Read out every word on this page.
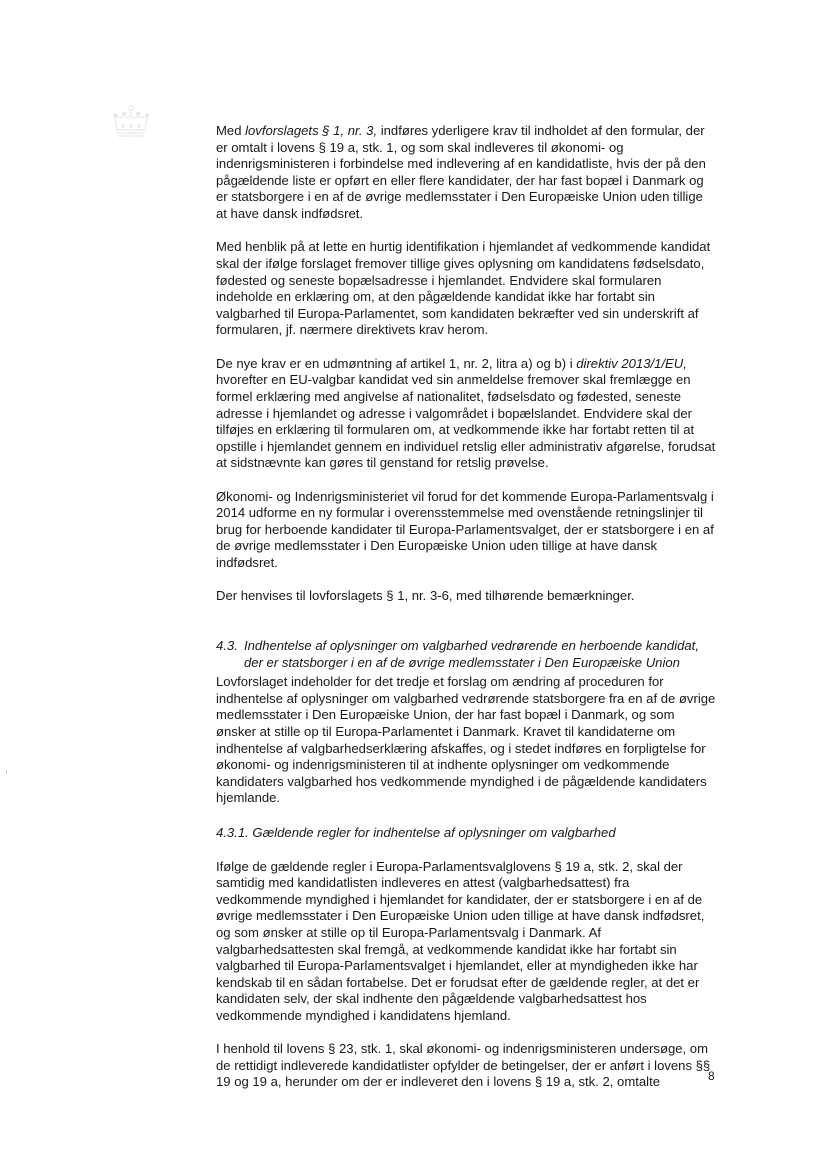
Med lovforslagets § 1, nr. 3, indføres yderligere krav til indholdet af den formular, der
er omtalt i lovens § 19 a, stk. 1, og som skal indleveres til økonomi- og
indenrigsministeren i forbindelse med indlevering af en kandidatliste, hvis der på den
pågældende liste er opført en eller flere kandidater, der har fast bopæl i Danmark og
er statsborgere i en af de øvrige medlemsstater i Den Europæiske Union uden tillige
at have dansk indfødsret.

Med henblik på at lette en hurtig identifikation i hjemlandet af vedkommende kandidat
skal der ifølge forslaget fremover tillige gives oplysning om kandidatens fødselsdato,
fødested og seneste bopælsadresse i hjemlandet. Endvidere skal formularen
indeholde en erklæring om, at den pågældende kandidat ikke har fortabt sin
valgbarhed til Europa-Parlamentet, som kandidaten bekræfter ved sin underskrift af
formularen, jf. nærmere direktivets krav herom.

De nye krav er en udmøntning af artikel 1, nr. 2, litra a) og b) i direktiv 2013/1/EU,
hvorefter en EU-valgbar kandidat ved sin anmeldelse fremover skal fremlægge en
formel erklæring med angivelse af nationalitet, fødselsdato og fødested, seneste
adresse i hjemlandet og adresse i valgområdet i bopælslandet. Endvidere skal der
tilføjes en erklæring til formularen om, at vedkommende ikke har fortabt retten til at
opstille i hjemlandet gennem en individuel retslig eller administrativ afgørelse, forudsat
at sidstnævnte kan gøres til genstand for retslig prøvelse.

Økonomi- og Indenrigsministeriet vil forud for det kommende Europa-Parlamentsvalg i
2014 udforme en ny formular i overensstemmelse med ovenstående retningslinjer til
brug for herboende kandidater til Europa-Parlamentsvalget, der er statsborgere i en af
de øvrige medlemsstater i Den Europæiske Union uden tillige at have dansk
indfødsret.

Der henvises til lovforslagets § 1, nr. 3-6, med tilhørende bemærkninger.

4.3. Indhentelse af oplysninger om valgbarhed vedrørende en herboende kandidat,
der er statsborger i en af de øvrige medlemsstater i Den Europæiske Union

Lovforslaget indeholder for det tredje et forslag om ændring af proceduren for
indhentelse af oplysninger om valgbarhed vedrørende statsborgere fra en af de øvrige
medlemsstater i Den Europæiske Union, der har fast bopæl i Danmark, og som
ønsker at stille op til Europa-Parlamentet i Danmark. Kravet til kandidaterne om
indhentelse af valgbarhedserklæring afskaffes, og i stedet indføres en forpligtelse for
økonomi- og indenrigsministeren til at indhente oplysninger om vedkommende
kandidaters valgbarhed hos vedkommende myndighed i de pågældende kandidaters
hjemlande.

4.3.1. Gældende regler for indhentelse af oplysninger om valgbarhed

Ifølge de gældende regler i Europa-Parlamentsvalglovens § 19 a, stk. 2, skal der
samtidig med kandidatlisten indleveres en attest (valgbarhedsattest) fra
vedkommende myndighed i hjemlandet for kandidater, der er statsborgere i en af de
øvrige medlemsstater i Den Europæiske Union uden tillige at have dansk indfødsret,
og som ønsker at stille op til Europa-Parlamentsvalg i Danmark. Af
valgbarhedsattesten skal fremgå, at vedkommende kandidat ikke har fortabt sin
valgbarhed til Europa-Parlamentsvalget i hjemlandet, eller at myndigheden ikke har
kendskab til en sådan fortabelse. Det er forudsat efter de gældende regler, at det er
kandidaten selv, der skal indhente den pågældende valgbarhedsattest hos
vedkommende myndighed i kandidatens hjemland.

I henhold til lovens § 23, stk. 1, skal økonomi- og indenrigsministeren undersøge, om
de rettidigt indleverede kandidatlister opfylder de betingelser, der er anført i lovens §§
19 og 19 a, herunder om der er indleveret den i lovens § 19 a, stk. 2, omtalte	8
